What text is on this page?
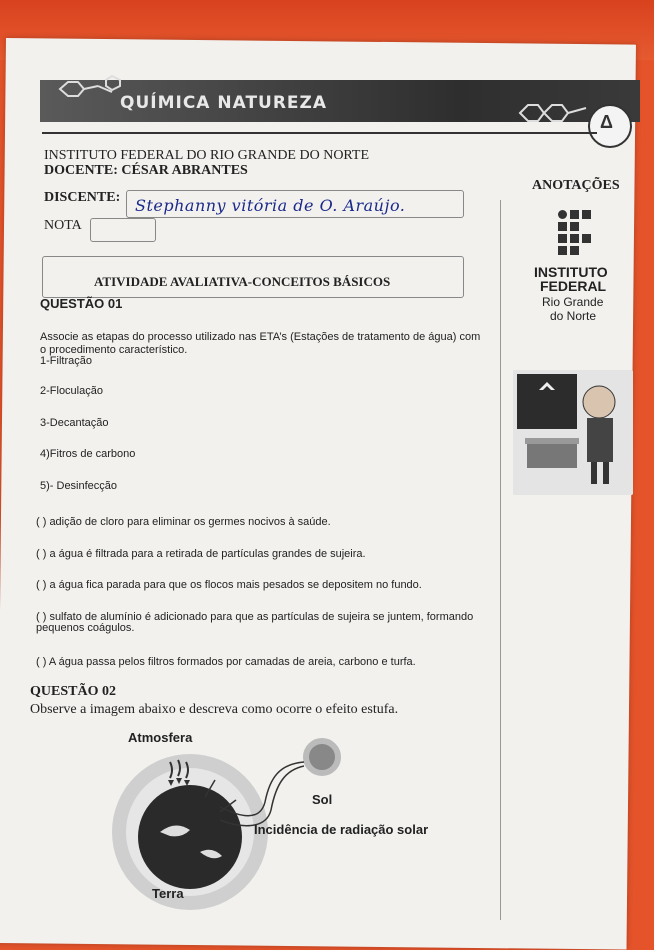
QUÍMICA NATUREZA
Δ
INSTITUTO FEDERAL DO RIO GRANDE DO NORTE
DOCENTE: CÉSAR ABRANTES
ANOTAÇÕES
DISCENTE: Stephanny vitória de O. Araújo.
NOTA
INSTITUTO
FEDERAL
Rio Grande
do Norte
ATIVIDADE AVALIATIVA-CONCEITOS BÁSICOS
QUESTÃO 01
Associe as etapas do processo utilizado nas ETA’s (Estações de tratamento de água) com
o procedimento característico.
1-Filtração
2-Floculação
3-Decantação
4)Fitros de carbono
5)- Desinfecção
( ) adição de cloro para eliminar os germes nocivos à saúde.
( ) a água é filtrada para a retirada de partículas grandes de sujeira.
( ) a água fica parada para que os flocos mais pesados se depositem no fundo.
( ) sulfato de alumínio é adicionado para que as partículas de sujeira se juntem, formando
pequenos coágulos.
( ) A água passa pelos filtros formados por camadas de areia, carbono e turfa.
QUESTÃO 02
Observe a imagem abaixo e descreva como ocorre o efeito estufa.
Atmosfera
Sol
Incidência de radiação solar
Terra
